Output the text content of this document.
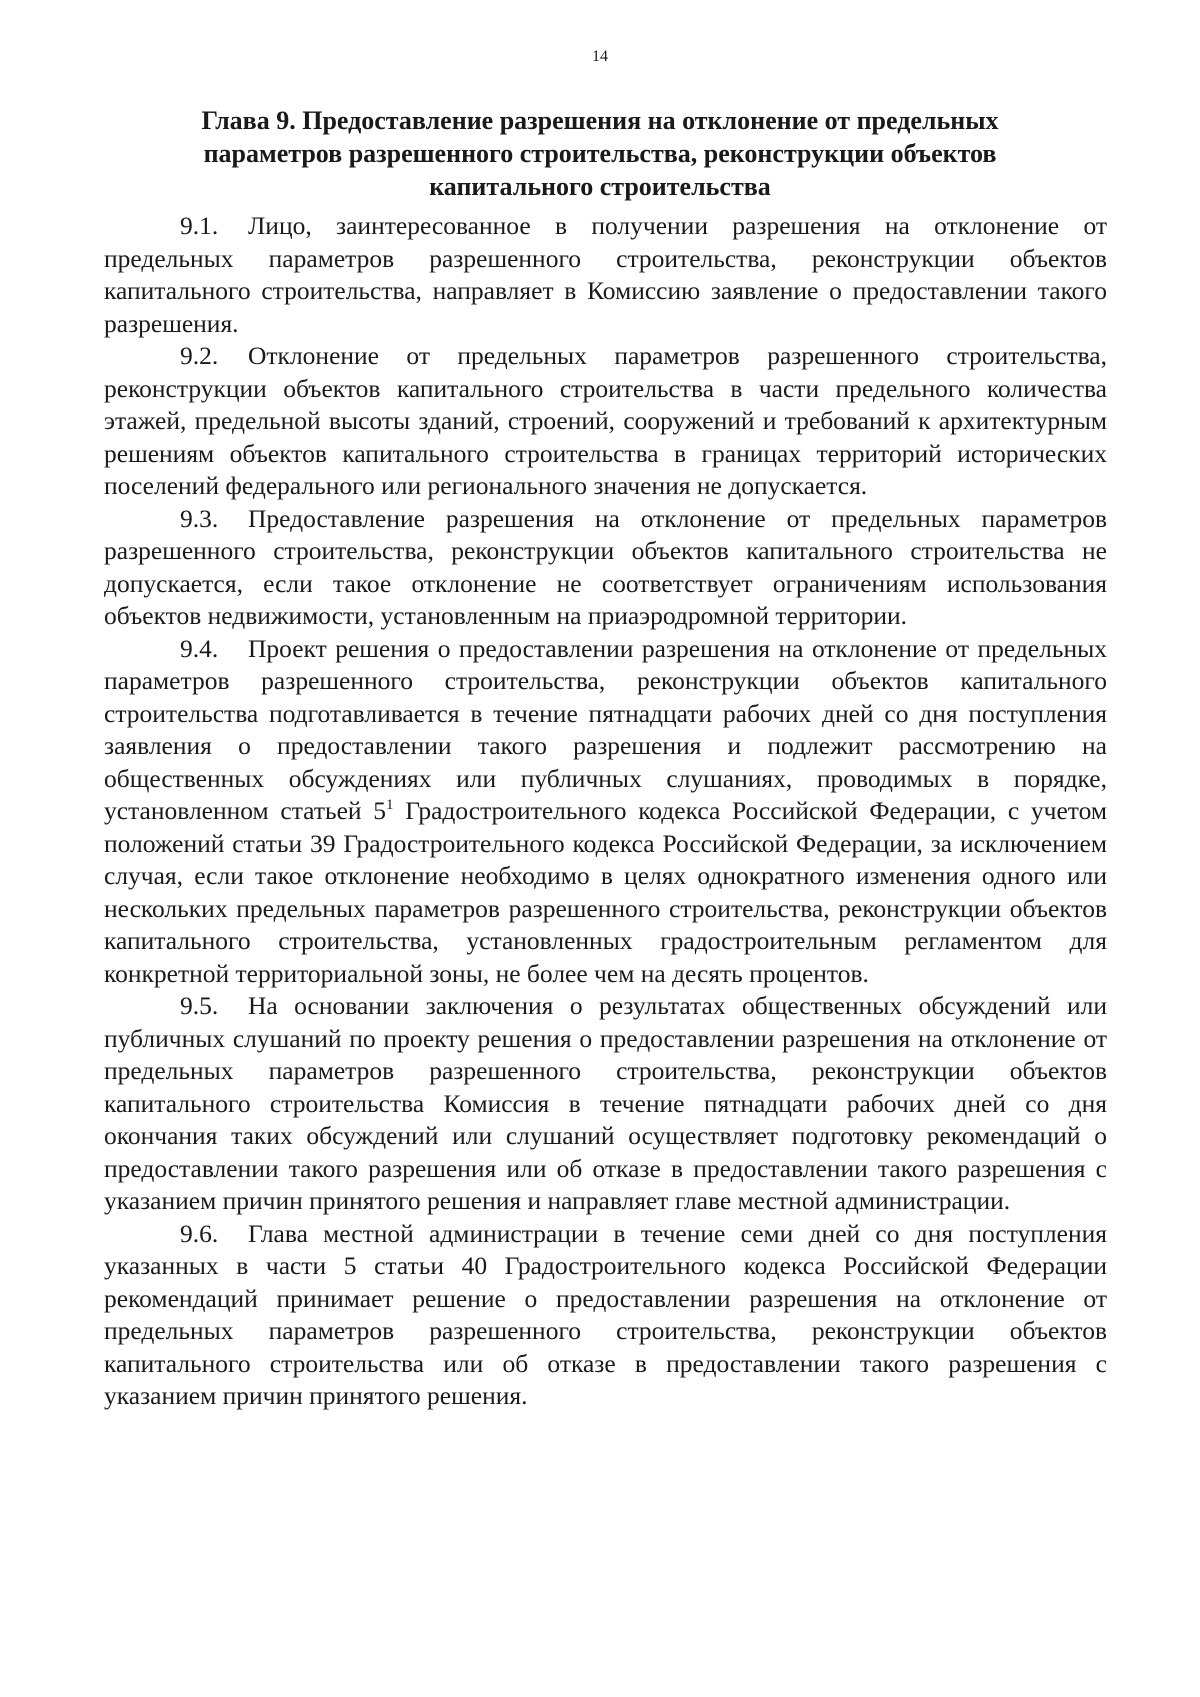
14
Глава 9. Предоставление разрешения на отклонение от предельных
параметров разрешенного строительства, реконструкции объектов
капитального строительства

9.1. Лицо, заинтересованное в получении разрешения на отклонение от предельных параметров разрешенного строительства, реконструкции объектов капитального строительства, направляет в Комиссию заявление о предоставлении такого разрешения.

9.2. Отклонение от предельных параметров разрешенного строительства, реконструкции объектов капитального строительства в части предельного количества этажей, предельной высоты зданий, строений, сооружений и требований к архитектурным решениям объектов капитального строительства в границах территорий исторических поселений федерального или регионального значения не допускается.

9.3. Предоставление разрешения на отклонение от предельных параметров разрешенного строительства, реконструкции объектов капитального строительства не допускается, если такое отклонение не соответствует ограничениям использования объектов недвижимости, установленным на приаэродромной территории.

9.4. Проект решения о предоставлении разрешения на отклонение от предельных параметров разрешенного строительства, реконструкции объектов капитального строительства подготавливается в течение пятнадцати рабочих дней со дня поступления заявления о предоставлении такого разрешения и подлежит рассмотрению на общественных обсуждениях или публичных слушаниях, проводимых в порядке, установленном статьей $5^1$ Градостроительного кодекса Российской Федерации, с учетом положений статьи 39 Градостроительного кодекса Российской Федерации, за исключением случая, если такое отклонение необходимо в целях однократного изменения одного или нескольких предельных параметров разрешенного строительства, реконструкции объектов капитального строительства, установленных градостроительным регламентом для конкретной территориальной зоны, не более чем на десять процентов.

9.5. На основании заключения о результатах общественных обсуждений или публичных слушаний по проекту решения о предоставлении разрешения на отклонение от предельных параметров разрешенного строительства, реконструкции объектов капитального строительства Комиссия в течение пятнадцати рабочих дней со дня окончания таких обсуждений или слушаний осуществляет подготовку рекомендаций о предоставлении такого разрешения или об отказе в предоставлении такого разрешения с указанием причин принятого решения и направляет главе местной администрации.

9.6. Глава местной администрации в течение семи дней со дня поступления указанных в части 5 статьи 40 Градостроительного кодекса Российской Федерации рекомендаций принимает решение о предоставлении разрешения на отклонение от предельных параметров разрешенного строительства, реконструкции объектов капитального строительства или об отказе в предоставлении такого разрешения с указанием причин принятого решения.
